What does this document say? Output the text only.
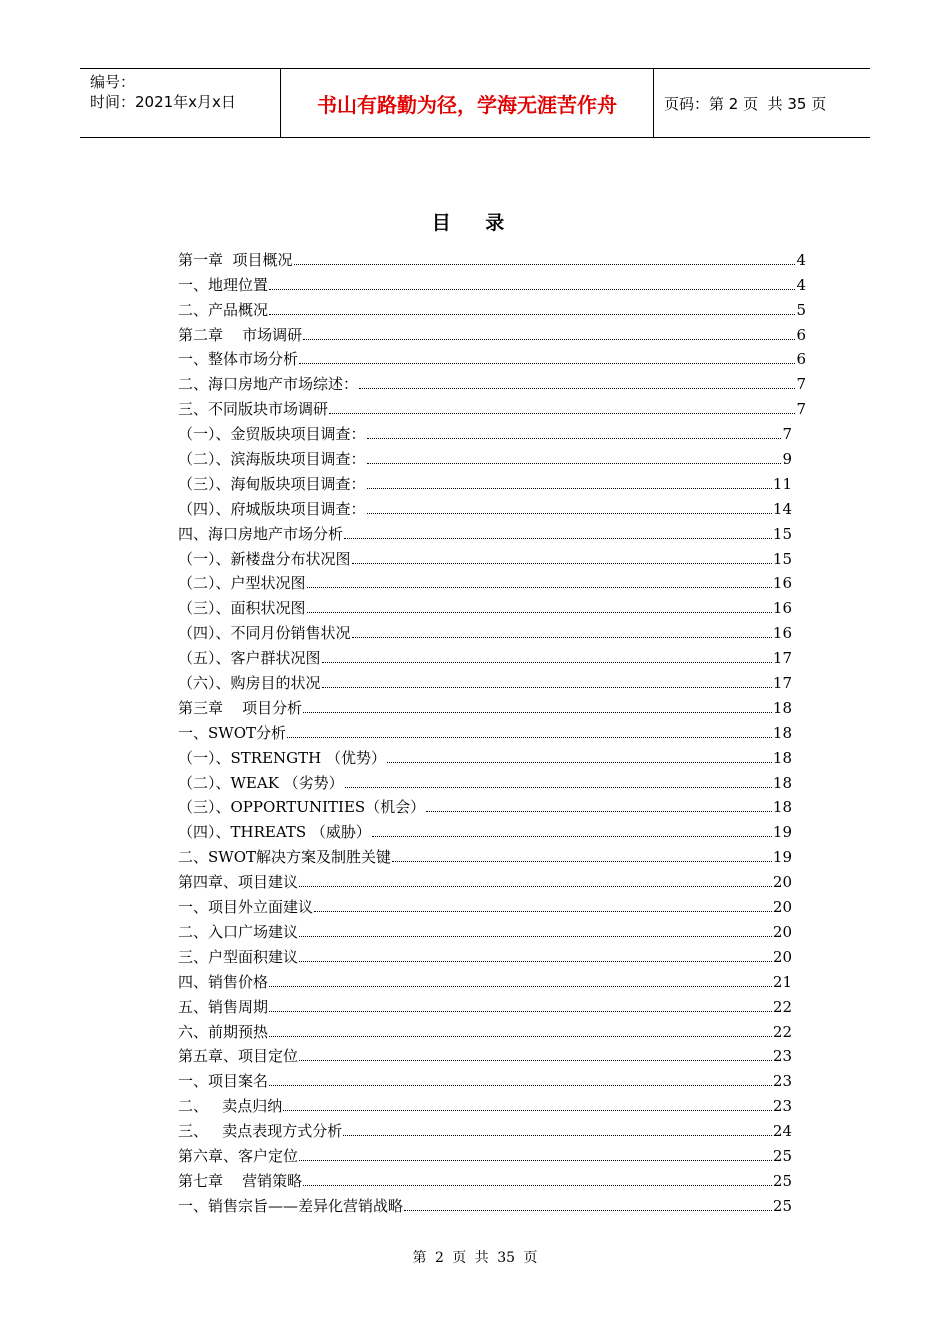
编号：
时间：2021年x月x日	书山有路勤为径，学海无涯苦作舟	页码：第 2 页  共 35 页
目 录
第一章  项目概况	4
一、地理位置	4
二、产品概况	5
第二章    市场调研	6
一、整体市场分析	6
二、海口房地产市场综述：	7
三、不同版块市场调研	7
（一）、金贸版块项目调查：	7
（二）、滨海版块项目调查：	9
（三）、海甸版块项目调查：	11
（四）、府城版块项目调查：	14
四、海口房地产市场分析	15
（一）、新楼盘分布状况图	15
（二）、户型状况图	16
（三）、面积状况图	16
（四）、不同月份销售状况	16
（五）、客户群状况图	17
（六）、购房目的状况	17
第三章    项目分析	18
一、SWOT分析	18
（一）、STRENGTH （优势）	18
（二）、WEAK （劣势）	18
（三）、OPPORTUNITIES（机会）	18
（四）、THREATS （威胁）	19
二、SWOT解决方案及制胜关键	19
第四章、项目建议	20
一、项目外立面建议	20
二、入口广场建议	20
三、户型面积建议	20
四、销售价格	21
五、销售周期	22
六、前期预热	22
第五章、项目定位	23
一、项目案名	23
二、   卖点归纳	23
三、   卖点表现方式分析	24
第六章、客户定位	25
第七章    营销策略	25
一、销售宗旨——差异化营销战略	25
第 2 页 共 35 页
